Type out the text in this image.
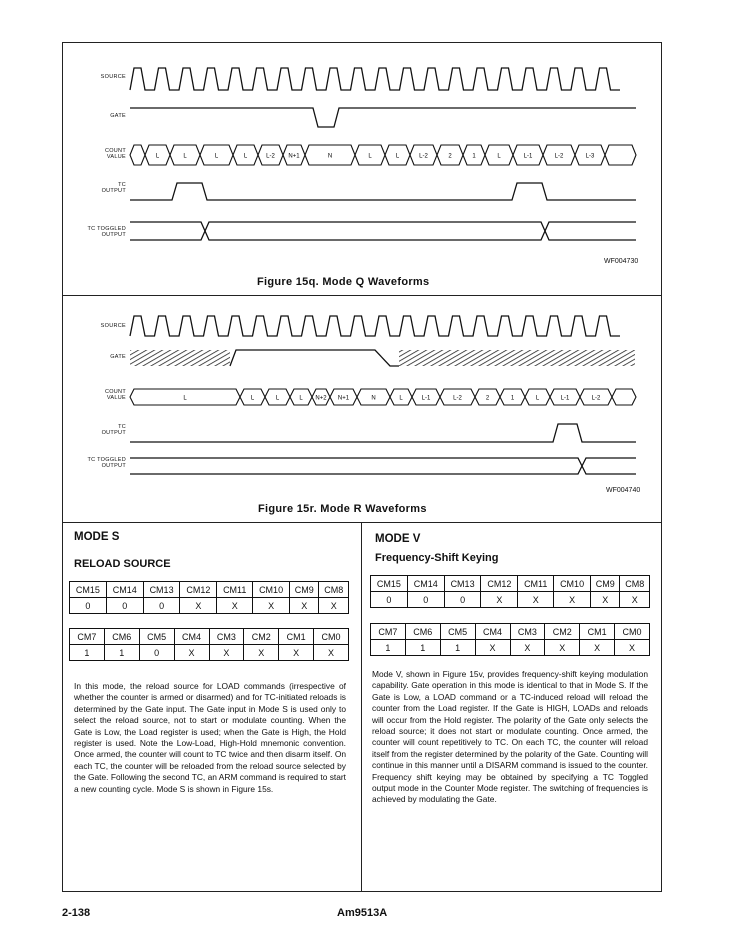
SOURCE
GATE
COUNT VALUE
TC OUTPUT
TC TOGGLED OUTPUT
SOURCE
GATE
COUNT VALUE
TC OUTPUT
TC TOGGLED OUTPUT
L	L	L	L	L-2 N+1	N	L	L	L-2	2	1	L	L-1	L-2	L-3
L	L	L	L N+2 N+1	N	L	L-1	L-2	2	1	L	L-1	L-2
WF004730
Figure 15q. Mode Q Waveforms
WF004740
Figure 15r. Mode R Waveforms
MODE S
RELOAD SOURCE
CM15	CM14	CM13	CM12	CM11	CM10	CM9	CM8
0	0	0	X	X	X	X	X
CM7	CM6	CM5	CM4	CM3	CM2	CM1	CM0
1	1	0	X	X	X	X	X
In this mode, the reload source for LOAD commands (irrespective of whether the counter is armed or disarmed) and for TC-initiated reloads is determined by the Gate input. The Gate input in Mode S is used only to select the reload source, not to start or modulate counting. When the Gate is Low, the Load register is used; when the Gate is High, the Hold register is used. Note the Low-Load, High-Hold mnemonic convention. Once armed, the counter will count to TC twice and then disarm itself. On each TC, the counter will be reloaded from the reload source selected by the Gate. Following the second TC, an ARM command is required to start a new counting cycle. Mode S is shown in Figure 15s.
MODE V
Frequency-Shift Keying
CM15	CM14	CM13	CM12	CM11	CM10	CM9	CM8
0	0	0	X	X	X	X	X
CM7	CM6	CM5	CM4	CM3	CM2	CM1	CM0
1	1	1	X	X	X	X	X
Mode V, shown in Figure 15v, provides frequency-shift keying modulation capability. Gate operation in this mode is identical to that in Mode S. If the Gate is Low, a LOAD command or a TC-induced reload will reload the counter from the Load register. If the Gate is HIGH, LOADs and reloads will occur from the Hold register. The polarity of the Gate only selects the reload source; it does not start or modulate counting. Once armed, the counter will count repetitively to TC. On each TC, the counter will reload itself from the register determined by the polarity of the Gate. Counting will continue in this manner until a DISARM command is issued to the counter. Frequency shift keying may be obtained by specifying a TC Toggled output mode in the Counter Mode register. The switching of frequencies is achieved by modulating the Gate.
2-138	Am9513A
